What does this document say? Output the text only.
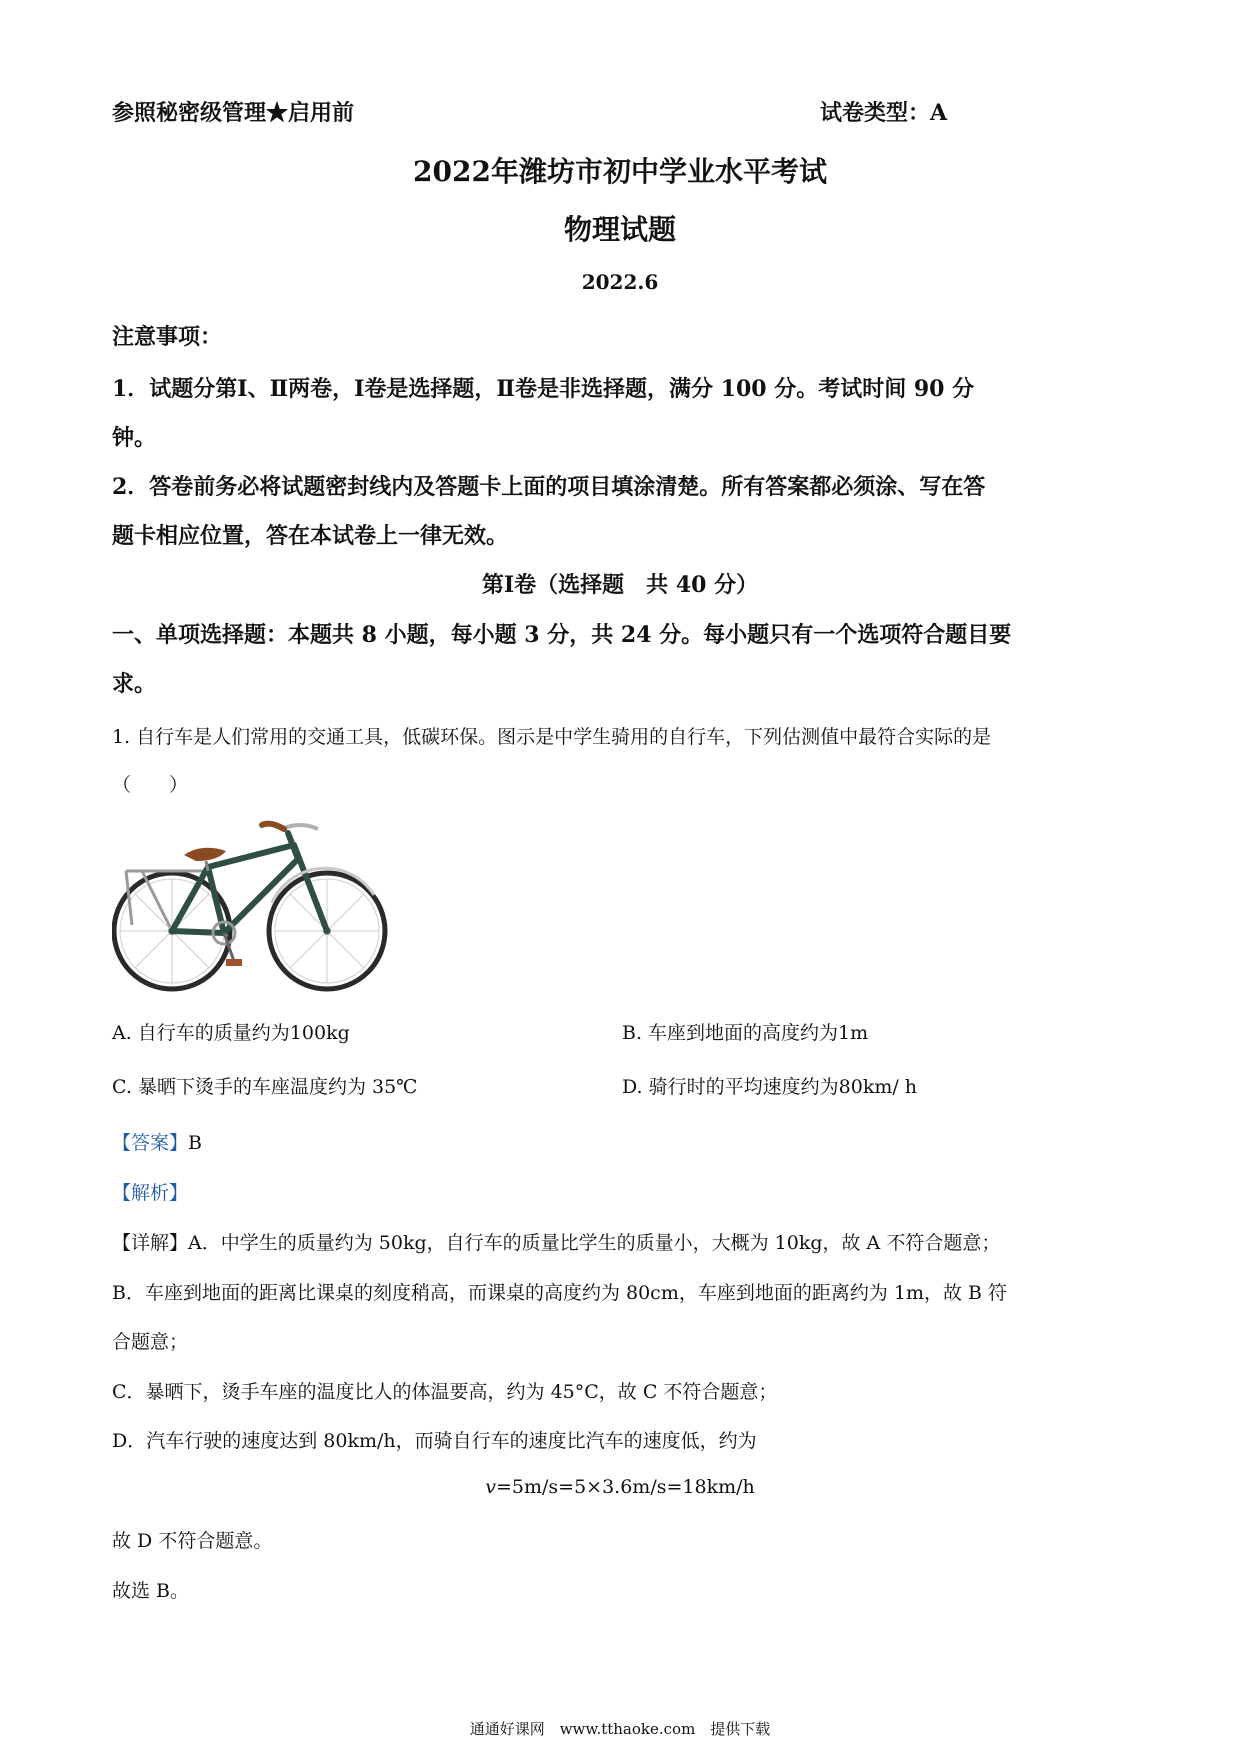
参照秘密级管理★启用前	试卷类型：A
2022年潍坊市初中学业水平考试
物理试题
2022.6
注意事项：
1．试题分第Ⅰ、Ⅱ两卷，Ⅰ卷是选择题，Ⅱ卷是非选择题，满分 100 分。考试时间 90 分
钟。
2．答卷前务必将试题密封线内及答题卡上面的项目填涂清楚。所有答案都必须涂、写在答
题卡相应位置，答在本试卷上一律无效。
第Ⅰ卷（选择题　共 40 分）
一、单项选择题：本题共 8 小题，每小题 3 分，共 24 分。每小题只有一个选项符合题目要
求。
1. 自行车是人们常用的交通工具，低碳环保。图示是中学生骑用的自行车，下列估测值中最符合实际的是
（　　）
A. 自行车的质量约为100kg	B. 车座到地面的高度约为1m
C. 暴晒下烫手的车座温度约为 35℃	D. 骑行时的平均速度约为80km/ h
【答案】B
【解析】
【详解】A．中学生的质量约为 50kg，自行车的质量比学生的质量小，大概为 10kg，故 A 不符合题意；
B．车座到地面的距离比课桌的刻度稍高，而课桌的高度约为 80cm，车座到地面的距离约为 1m，故 B 符
合题意；
C．暴晒下，烫手车座的温度比人的体温要高，约为 45°C，故 C 不符合题意；
D．汽车行驶的速度达到 80km/h，而骑自行车的速度比汽车的速度低，约为
v=5m/s=5×3.6m/s=18km/h
故 D 不符合题意。
故选 B。
通通好课网　www.tthaoke.com　提供下载
